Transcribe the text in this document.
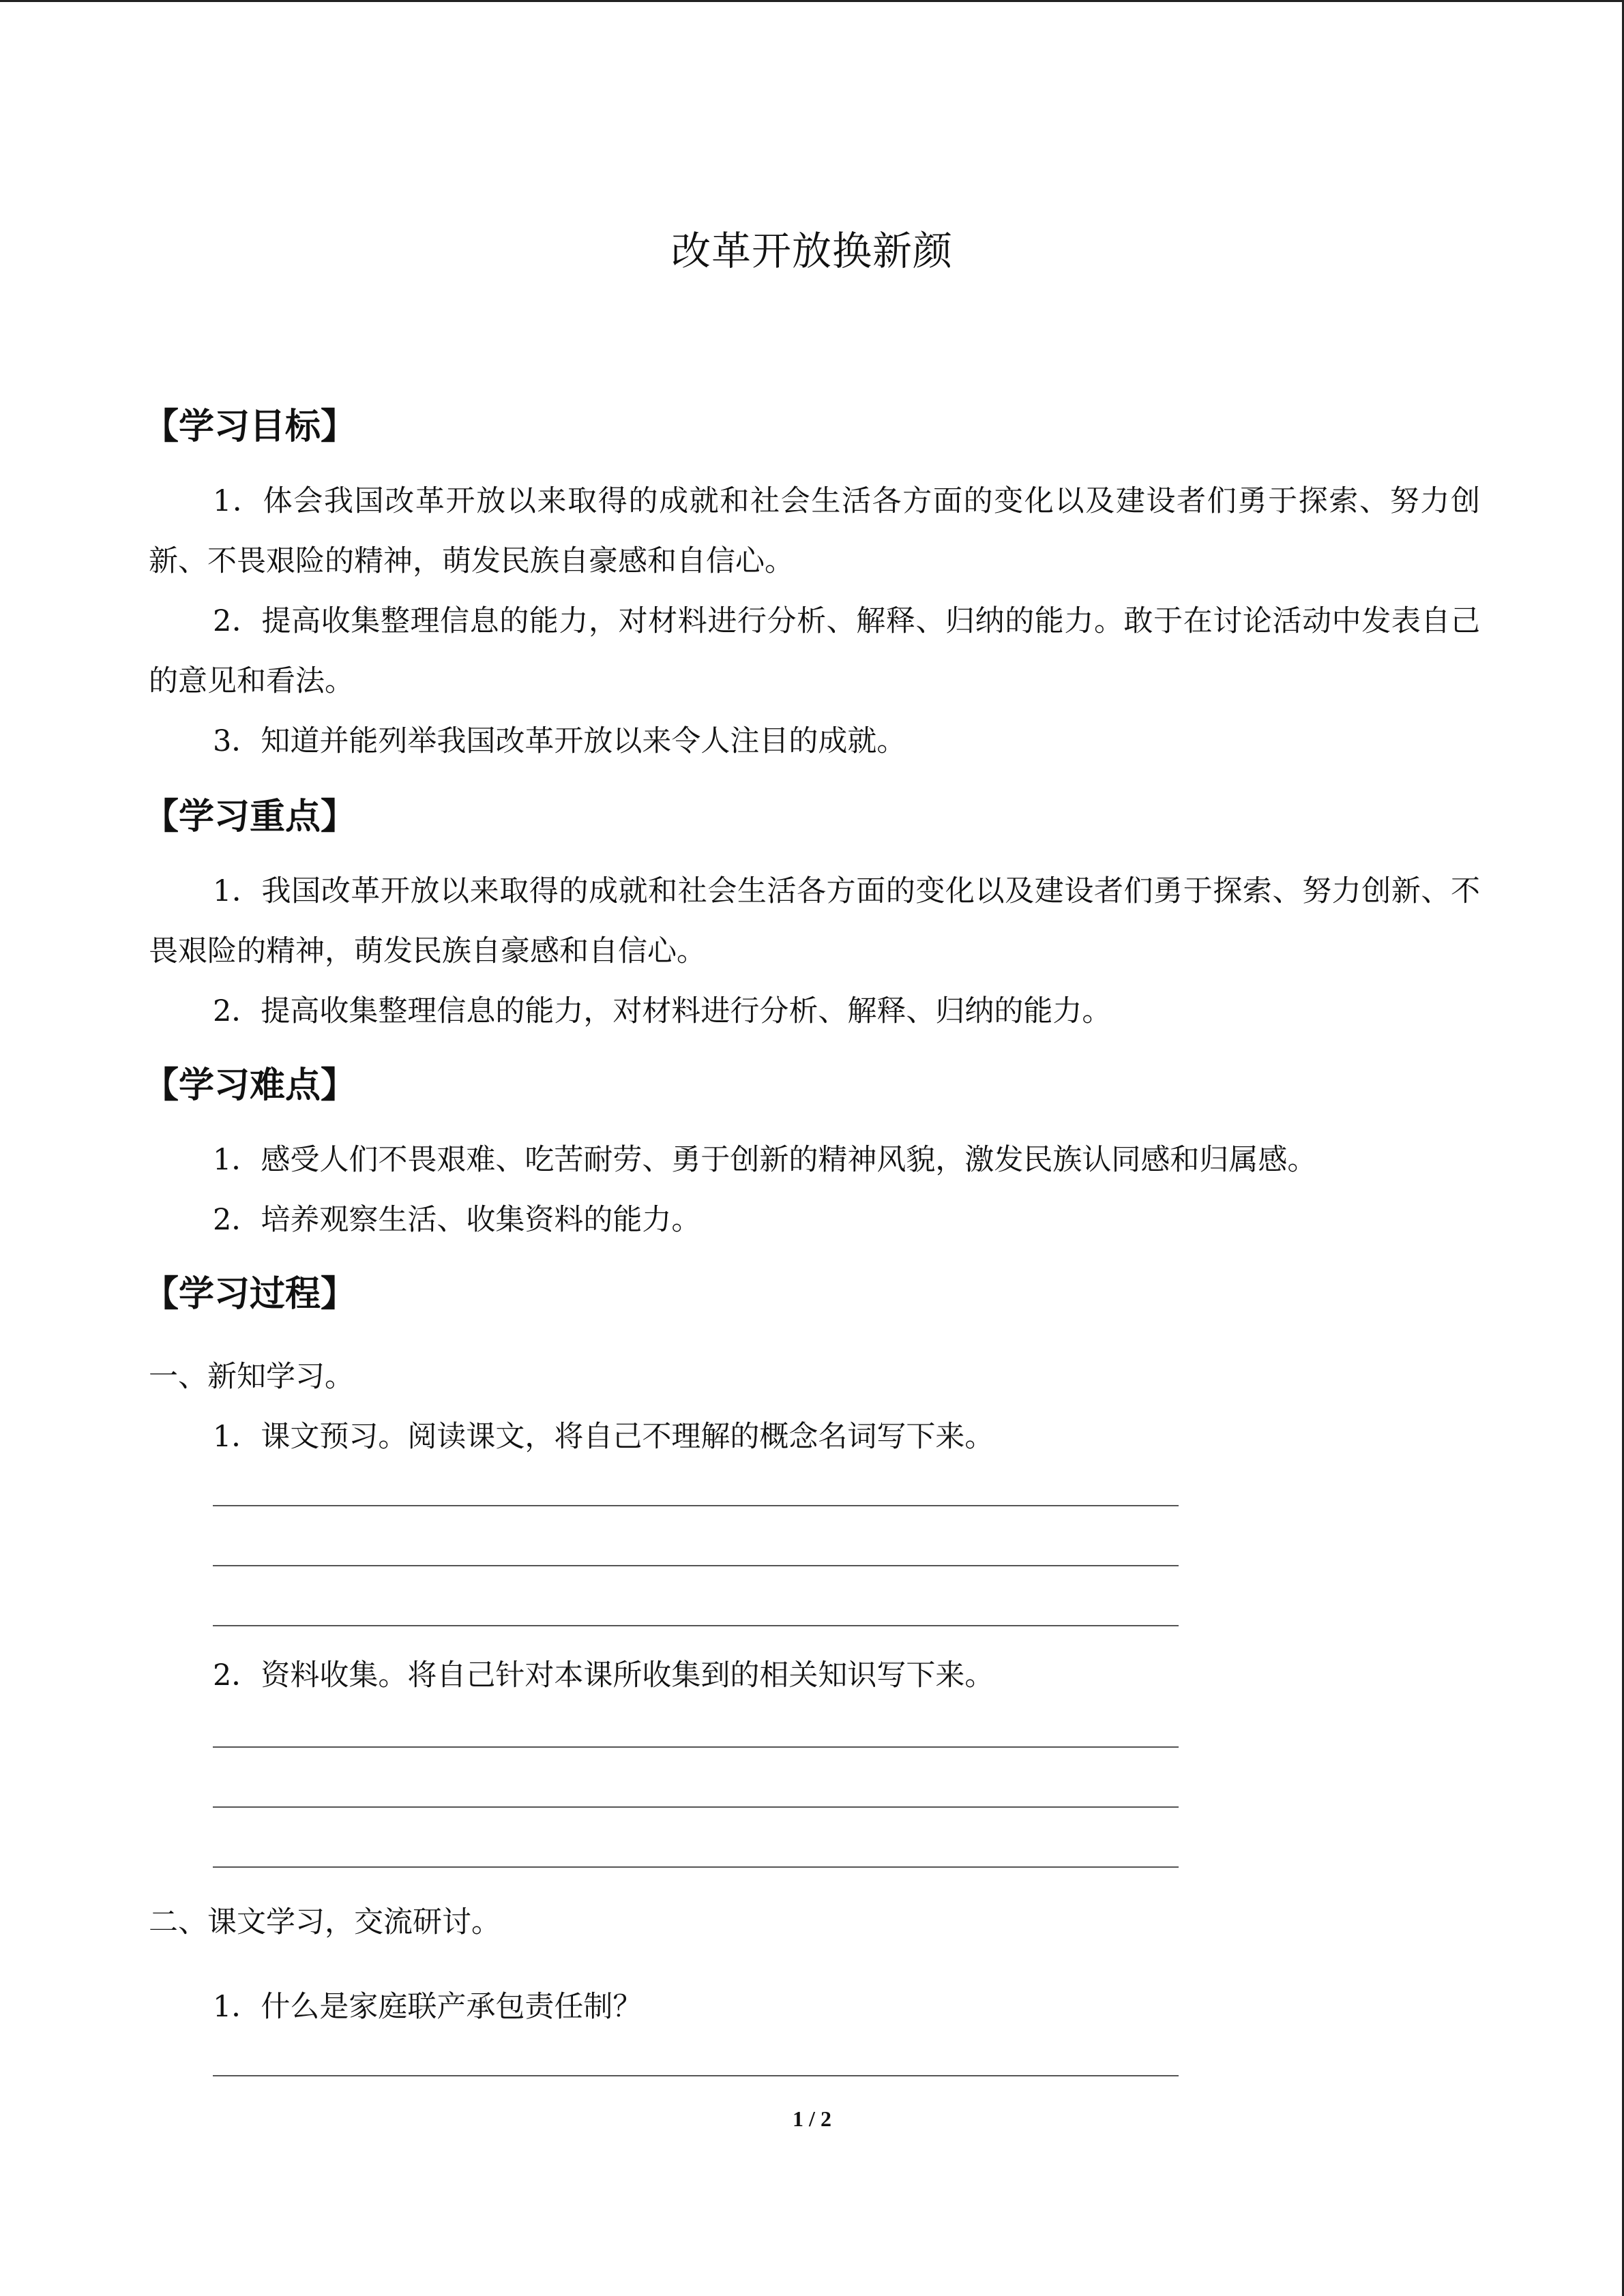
改革开放换新颜
【学习目标】
1．体会我国改革开放以来取得的成就和社会生活各方面的变化以及建设者们勇于探索、努力创新、不畏艰险的精神，萌发民族自豪感和自信心。
2．提高收集整理信息的能力，对材料进行分析、解释、归纳的能力。敢于在讨论活动中发表自己的意见和看法。
3．知道并能列举我国改革开放以来令人注目的成就。
【学习重点】
1．我国改革开放以来取得的成就和社会生活各方面的变化以及建设者们勇于探索、努力创新、不畏艰险的精神，萌发民族自豪感和自信心。
2．提高收集整理信息的能力，对材料进行分析、解释、归纳的能力。
【学习难点】
1．感受人们不畏艰难、吃苦耐劳、勇于创新的精神风貌，激发民族认同感和归属感。
2．培养观察生活、收集资料的能力。
【学习过程】
一、新知学习。
1．课文预习。阅读课文，将自己不理解的概念名词写下来。
2．资料收集。将自己针对本课所收集到的相关知识写下来。
二、课文学习，交流研讨。
1．什么是家庭联产承包责任制？
1 / 2
